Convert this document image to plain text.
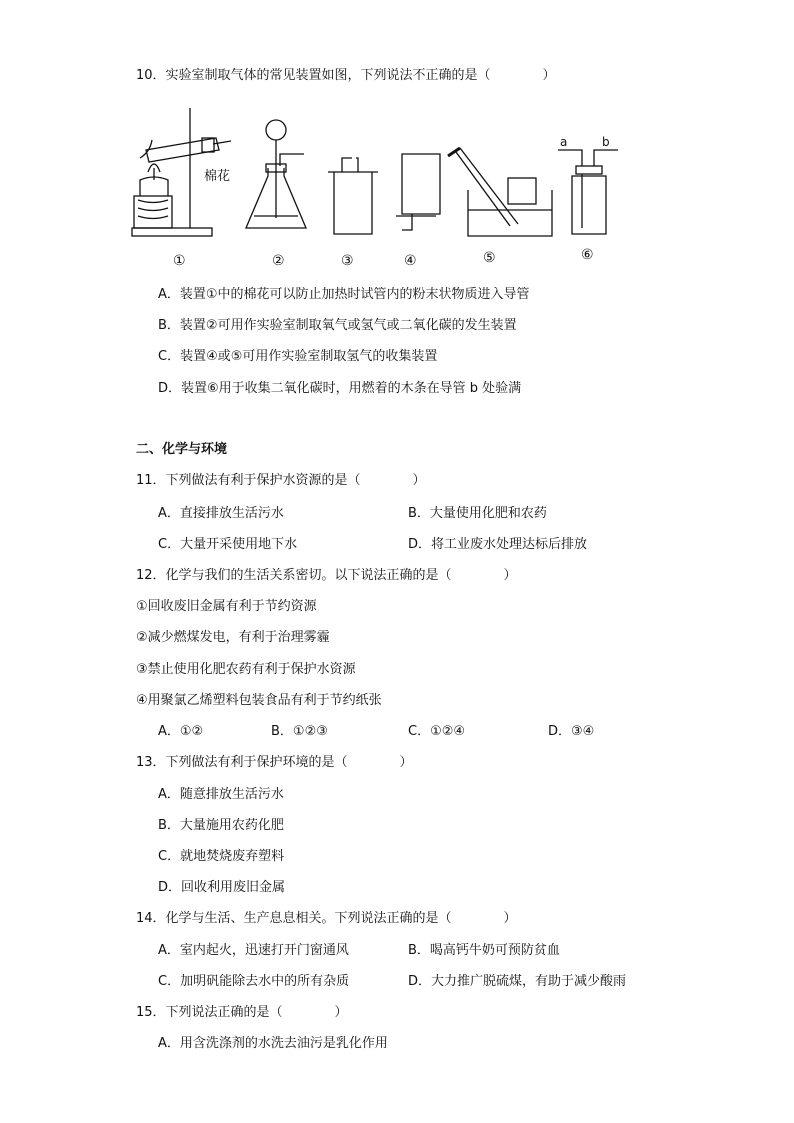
10．实验室制取气体的常见装置如图，下列说法不正确的是（　　　　）
棉花
a	b
①	②	③	④	⑤	⑥
A．装置①中的棉花可以防止加热时试管内的粉末状物质进入导管
B．装置②可用作实验室制取氧气或氢气或二氧化碳的发生装置
C．装置④或⑤可用作实验室制取氢气的收集装置
D．装置⑥用于收集二氧化碳时，用燃着的木条在导管 b 处验满
二、化学与环境
11．下列做法有利于保护水资源的是（　　　　）
A．直接排放生活污水	B．大量使用化肥和农药
C．大量开采使用地下水	D．将工业废水处理达标后排放
12．化学与我们的生活关系密切。以下说法正确的是（　　　　）
①回收废旧金属有利于节约资源
②减少燃煤发电，有利于治理雾霾
③禁止使用化肥农药有利于保护水资源
④用聚氯乙烯塑料包装食品有利于节约纸张
A．①②	B．①②③	C．①②④	D．③④
13．下列做法有利于保护环境的是（　　　　）
A．随意排放生活污水
B．大量施用农药化肥
C．就地焚烧废弃塑料
D．回收利用废旧金属
14．化学与生活、生产息息相关。下列说法正确的是（　　　　）
A．室内起火，迅速打开门窗通风	B．喝高钙牛奶可预防贫血
C．加明矾能除去水中的所有杂质	D．大力推广脱硫煤，有助于减少酸雨
15．下列说法正确的是（　　　　）
A．用含洗涤剂的水洗去油污是乳化作用
